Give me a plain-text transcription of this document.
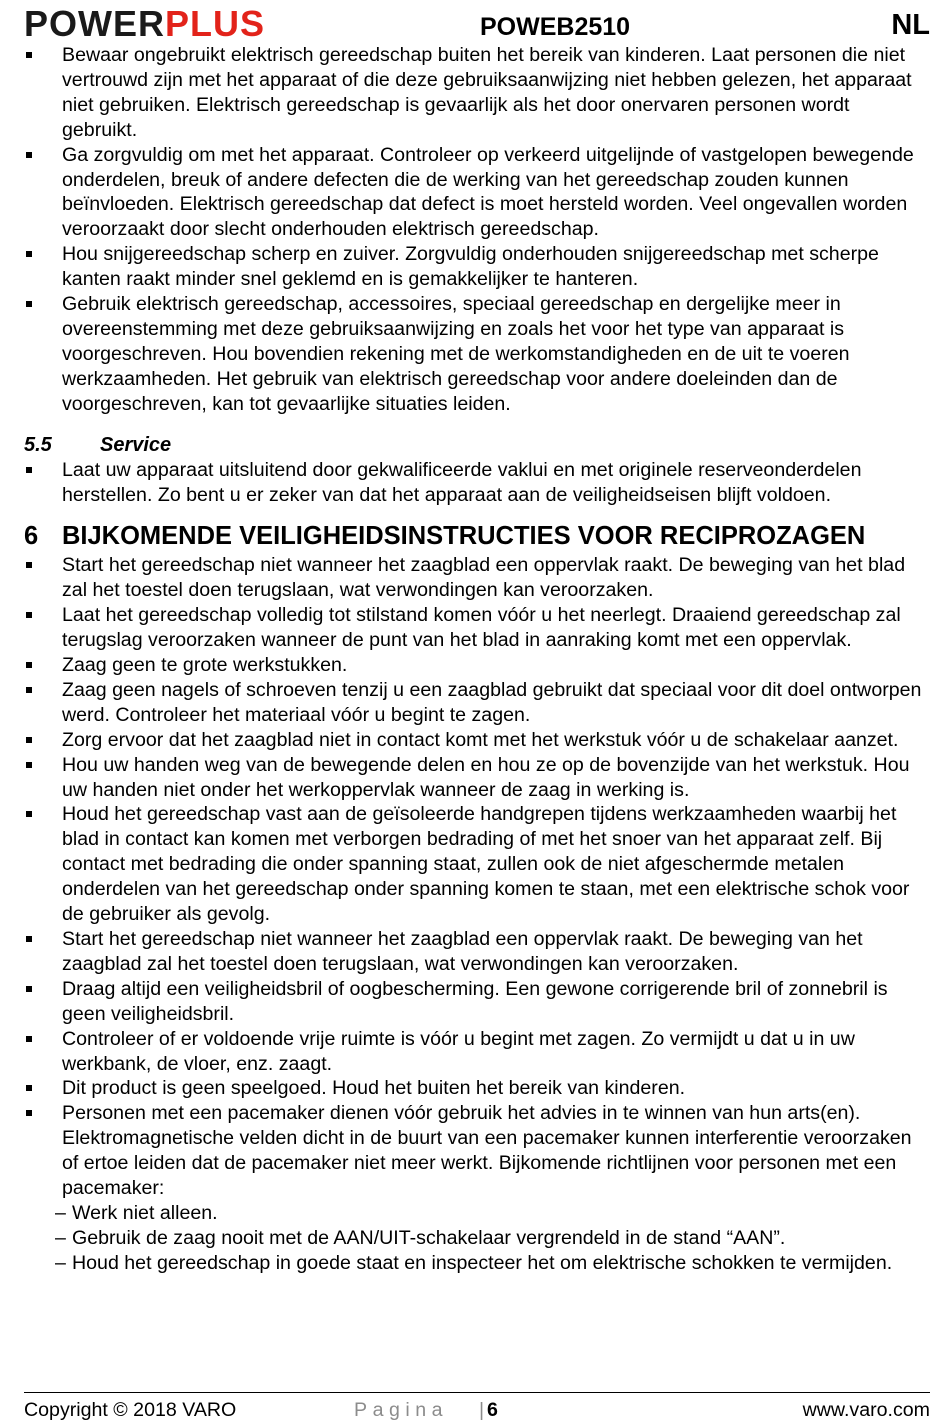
POWERPLUS	POWEB2510	NL
Bewaar ongebruikt elektrisch gereedschap buiten het bereik van kinderen. Laat personen die niet vertrouwd zijn met het apparaat of die deze gebruiksaanwijzing niet hebben gelezen, het apparaat niet gebruiken. Elektrisch gereedschap is gevaarlijk als het door onervaren personen wordt gebruikt.
Ga zorgvuldig om met het apparaat. Controleer op verkeerd uitgelijnde of vastgelopen bewegende onderdelen, breuk of andere defecten die de werking van het gereedschap zouden kunnen beïnvloeden. Elektrisch gereedschap dat defect is moet hersteld worden. Veel ongevallen worden veroorzaakt door slecht onderhouden elektrisch gereedschap.
Hou snijgereedschap scherp en zuiver. Zorgvuldig onderhouden snijgereedschap met scherpe kanten raakt minder snel geklemd en is gemakkelijker te hanteren.
Gebruik elektrisch gereedschap, accessoires, speciaal gereedschap en dergelijke meer in overeenstemming met deze gebruiksaanwijzing en zoals het voor het type van apparaat is voorgeschreven. Hou bovendien rekening met de werkomstandigheden en de uit te voeren werkzaamheden. Het gebruik van elektrisch gereedschap voor andere doeleinden dan de voorgeschreven, kan tot gevaarlijke situaties leiden.
5.5 Service
Laat uw apparaat uitsluitend door gekwalificeerde vaklui en met originele reserveonderdelen herstellen. Zo bent u er zeker van dat het apparaat aan de veiligheidseisen blijft voldoen.
6 BIJKOMENDE VEILIGHEIDSINSTRUCTIES VOOR RECIPROZAGEN
Start het gereedschap niet wanneer het zaagblad een oppervlak raakt. De beweging van het blad zal het toestel doen terugslaan, wat verwondingen kan veroorzaken.
Laat het gereedschap volledig tot stilstand komen vóór u het neerlegt. Draaiend gereedschap zal terugslag veroorzaken wanneer de punt van het blad in aanraking komt met een oppervlak.
Zaag geen te grote werkstukken.
Zaag geen nagels of schroeven tenzij u een zaagblad gebruikt dat speciaal voor dit doel ontworpen werd. Controleer het materiaal vóór u begint te zagen.
Zorg ervoor dat het zaagblad niet in contact komt met het werkstuk vóór u de schakelaar aanzet.
Hou uw handen weg van de bewegende delen en hou ze op de bovenzijde van het werkstuk. Hou uw handen niet onder het werkoppervlak wanneer de zaag in werking is.
Houd het gereedschap vast aan de geïsoleerde handgrepen tijdens werkzaamheden waarbij het blad in contact kan komen met verborgen bedrading of met het snoer van het apparaat zelf. Bij contact met bedrading die onder spanning staat, zullen ook de niet afgeschermde metalen onderdelen van het gereedschap onder spanning komen te staan, met een elektrische schok voor de gebruiker als gevolg.
Start het gereedschap niet wanneer het zaagblad een oppervlak raakt. De beweging van het zaagblad zal het toestel doen terugslaan, wat verwondingen kan veroorzaken.
Draag altijd een veiligheidsbril of oogbescherming. Een gewone corrigerende bril of zonnebril is geen veiligheidsbril.
Controleer of er voldoende vrije ruimte is vóór u begint met zagen. Zo vermijdt u dat u in uw werkbank, de vloer, enz. zaagt.
Dit product is geen speelgoed. Houd het buiten het bereik van kinderen.
Personen met een pacemaker dienen vóór gebruik het advies in te winnen van hun arts(en). Elektromagnetische velden dicht in de buurt van een pacemaker kunnen interferentie veroorzaken of ertoe leiden dat de pacemaker niet meer werkt. Bijkomende richtlijnen voor personen met een pacemaker:
– Werk niet alleen.
– Gebruik de zaag nooit met de AAN/UIT-schakelaar vergrendeld in de stand “AAN”.
– Houd het gereedschap in goede staat en inspecteer het om elektrische schokken te vermijden.
Copyright © 2018 VARO	Pagina | 6	www.varo.com
